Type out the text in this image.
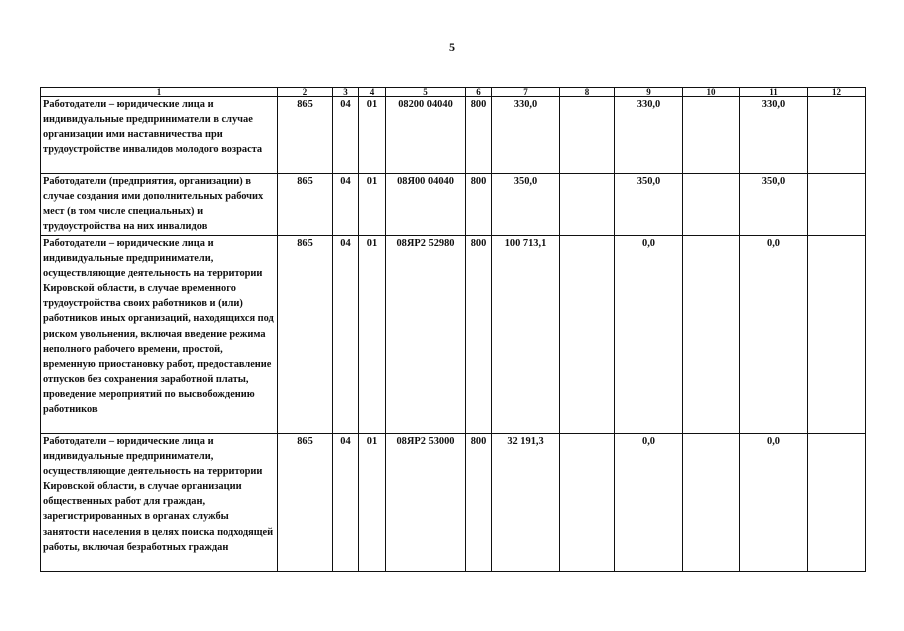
5
1	2	3	4	5	6	7	8	9	10	11	12
Работодатели – юридические лица и индивидуальные предприниматели в случае организации ими наставничества при трудоустройстве инвалидов молодого возраста	865	04	01	08200 04040	800	330,0		330,0		330,0	
Работодатели (предприятия, организации) в случае создания ими дополнительных рабочих мест (в том числе специальных) и трудоустройства на них инвалидов	865	04	01	08Я00 04040	800	350,0		350,0		350,0	
Работодатели – юридические лица и индивидуальные предприниматели, осуществляющие деятельность на территории Кировской области, в случае временного трудоустройства своих работников и (или) работников иных организаций, находящихся под риском увольнения, включая введение режима неполного рабочего времени, простой, временную приостановку работ, предоставление отпусков без сохранения заработной платы, проведение мероприятий по высвобождению работников	865	04	01	08ЯР2 52980	800	100 713,1		0,0		0,0	
Работодатели – юридические лица и индивидуальные предприниматели, осуществляющие деятельность на территории Кировской области, в случае организации общественных работ для граждан, зарегистрированных в органах службы занятости населения в целях поиска подходящей работы, включая безработных граждан	865	04	01	08ЯР2 53000	800	32 191,3		0,0		0,0	
